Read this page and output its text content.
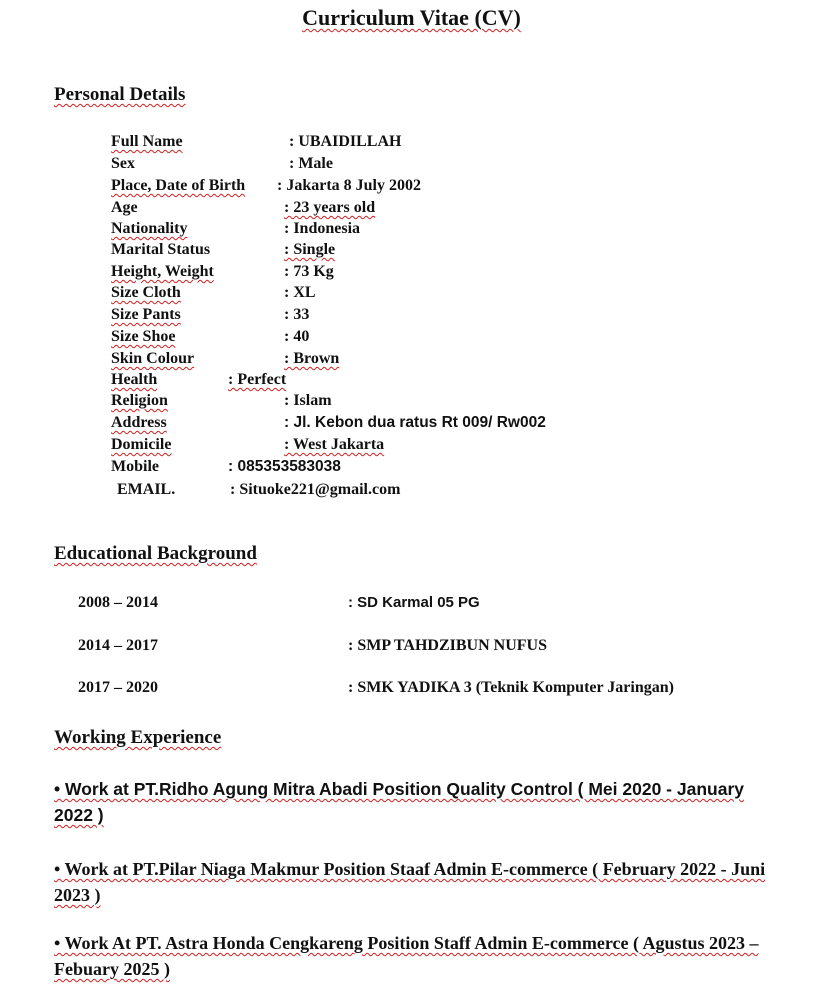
Curriculum Vitae (CV)
Personal Details
Full Name	: UBAIDILLAH
Sex	: Male
Place, Date of Birth : Jakarta 8 July 2002
Age	: 23 years old
Nationality	: Indonesia
Marital Status	: Single
Height, Weight	: 73 Kg
Size Cloth	: XL
Size Pants	: 33
Size Shoe	: 40
Skin Colour	: Brown
Health	: Perfect
Religion	: Islam
Address	: Jl. Kebon dua ratus Rt 009/ Rw002
Domicile	: West Jakarta
Mobile	: 085353583038
EMAIL.	: Situoke221@gmail.com
Educational Background
2008 – 2014	: SD Karmal 05 PG
2014 – 2017	: SMP TAHDZIBUN NUFUS
2017 – 2020	: SMK YADIKA 3 (Teknik Komputer Jaringan)
Working Experience
• Work at PT.Ridho Agung Mitra Abadi Position Quality Control ( Mei 2020 - January 2022 )
• Work at PT.Pilar Niaga Makmur Position Staaf Admin E-commerce ( February 2022 - Juni 2023 )
• Work At PT. Astra Honda Cengkareng Position Staff Admin E-commerce ( Agustus 2023 – Febuary 2025 )
